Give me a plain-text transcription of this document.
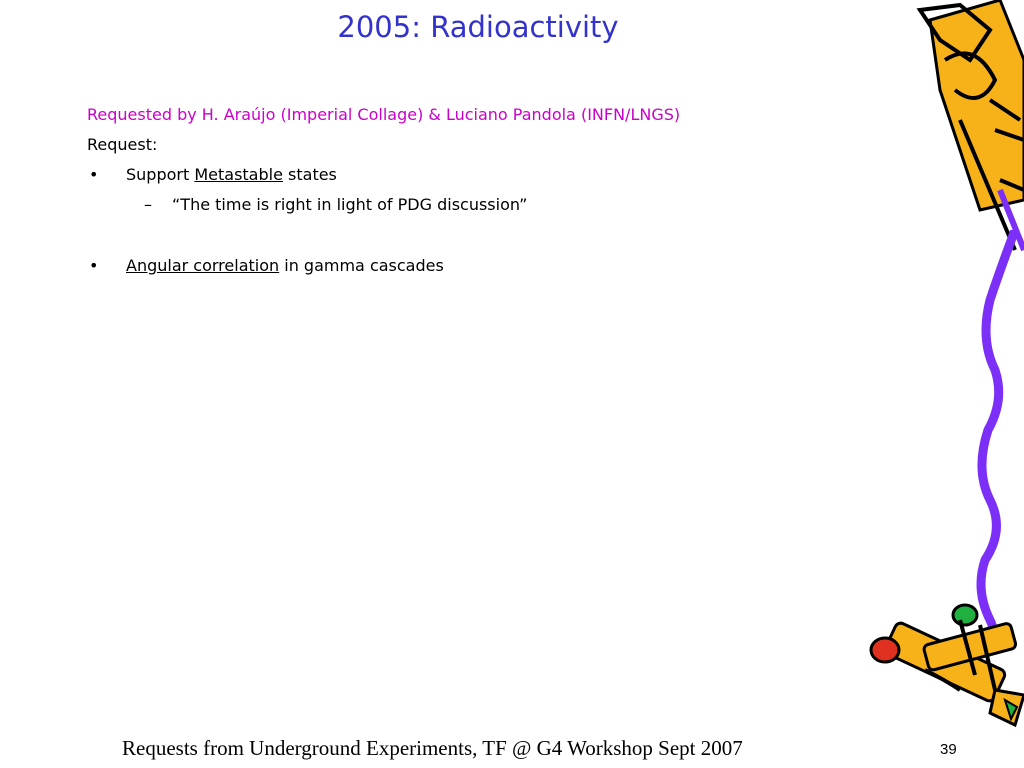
2005: Radioactivity
Requested by H. Araújo (Imperial Collage) & Luciano Pandola (INFN/LNGS)
Request:
• Support Metastable states
– “The time is right in light of PDG discussion”
• Angular correlation in gamma cascades
Requests from Underground Experiments, TF @ G4 Workshop Sept 2007	39
